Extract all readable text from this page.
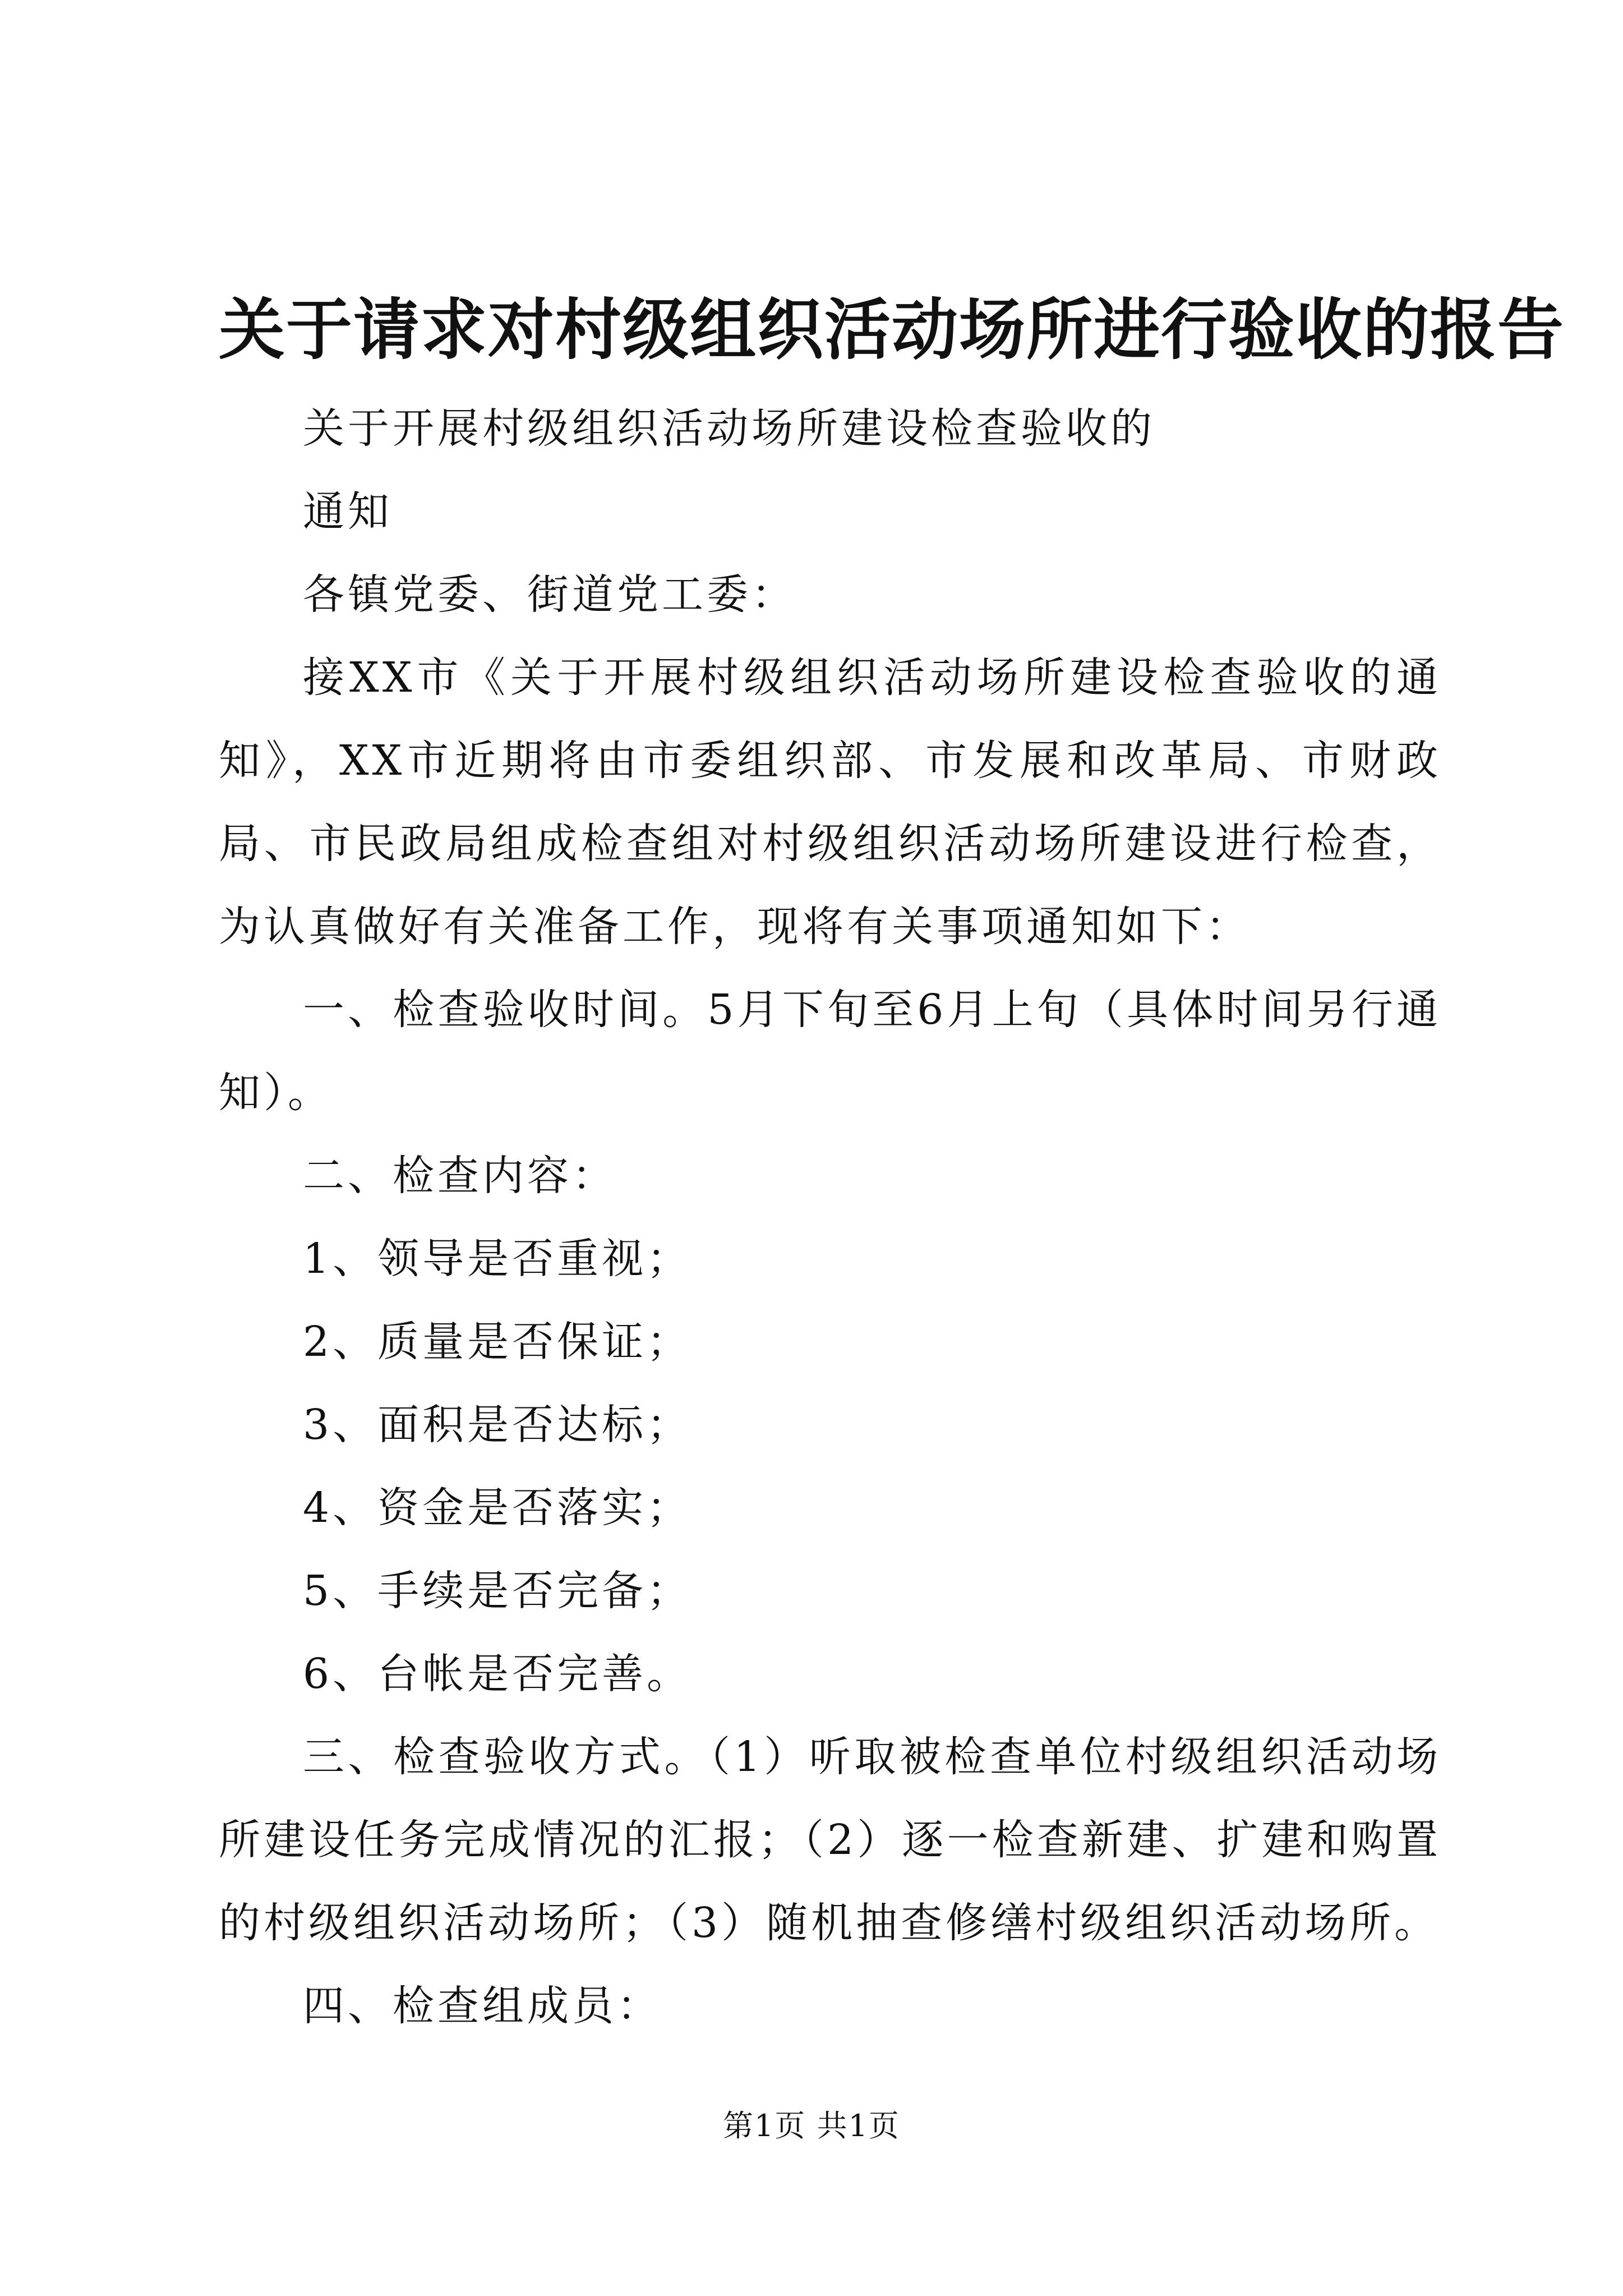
关于请求对村级组织活动场所进行验收的报告

关于开展村级组织活动场所建设检查验收的

通知

各镇党委、街道党工委：

接XX市《关于开展村级组织活动场所建设检查验收的通知》，XX市近期将由市委组织部、市发展和改革局、市财政局、市民政局组成检查组对村级组织活动场所建设进行检查，为认真做好有关准备工作，现将有关事项通知如下：

一、检查验收时间。5月下旬至6月上旬（具体时间另行通知）。

二、检查内容：

1、领导是否重视；

2、质量是否保证；

3、面积是否达标；

4、资金是否落实；

5、手续是否完备；

6、台帐是否完善。

三、检查验收方式。（1）听取被检查单位村级组织活动场所建设任务完成情况的汇报；（2）逐一检查新建、扩建和购置的村级组织活动场所；（3）随机抽查修缮村级组织活动场所。

四、检查组成员：

第1页 共1页
